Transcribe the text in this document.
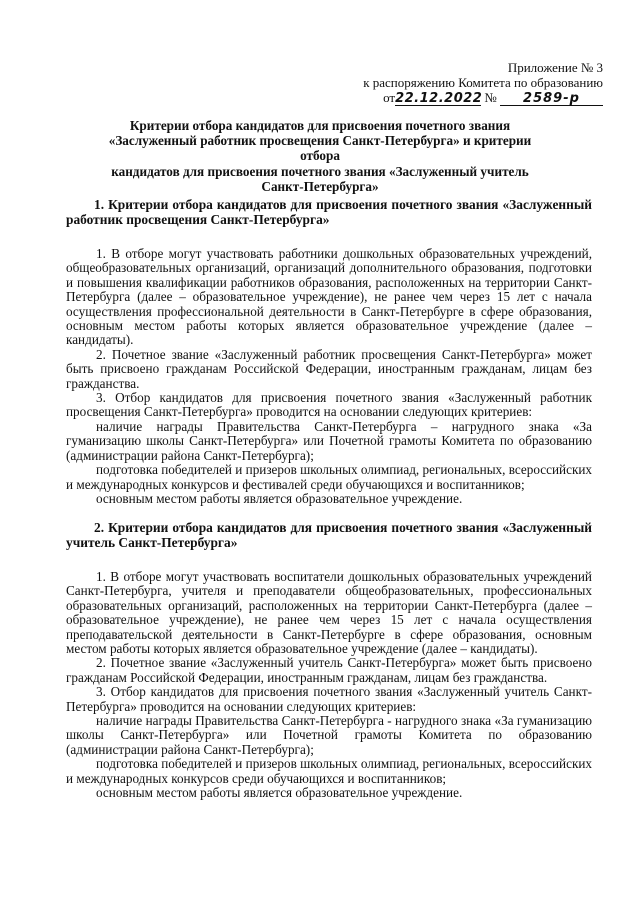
Приложение № 3
к распоряжению Комитета по образованию
от22.12.2022 № 2589-р
Критерии отбора кандидатов для присвоения почетного звания
«Заслуженный работник просвещения Санкт-Петербурга» и критерии отбора
кандидатов для присвоения почетного звания «Заслуженный учитель
Санкт-Петербурга»
1. Критерии отбора кандидатов для присвоения почетного звания «Заслуженный работник просвещения Санкт-Петербурга»

1. В отборе могут участвовать работники дошкольных образовательных учреждений, общеобразовательных организаций, организаций дополнительного образования, подготовки и повышения квалификации работников образования, расположенных на территории Санкт-Петербурга (далее – образовательное учреждение), не ранее чем через 15 лет с начала осуществления профессиональной деятельности в Санкт-Петербурге в сфере образования, основным местом работы которых является образовательное учреждение (далее – кандидаты).

2. Почетное звание «Заслуженный работник просвещения Санкт-Петербурга» может быть присвоено гражданам Российской Федерации, иностранным гражданам, лицам без гражданства.

3. Отбор кандидатов для присвоения почетного звания «Заслуженный работник просвещения Санкт-Петербурга» проводится на основании следующих критериев:

наличие награды Правительства Санкт-Петербурга – нагрудного знака «За гуманизацию школы Санкт-Петербурга» или Почетной грамоты Комитета по образованию (администрации района Санкт-Петербурга);

подготовка победителей и призеров школьных олимпиад, региональных, всероссийских и международных конкурсов и фестивалей среди обучающихся и воспитанников;

основным местом работы является образовательное учреждение.

2. Критерии отбора кандидатов для присвоения почетного звания «Заслуженный учитель Санкт-Петербурга»

1. В отборе могут участвовать воспитатели дошкольных образовательных учреждений Санкт-Петербурга, учителя и преподаватели общеобразовательных, профессиональных образовательных организаций, расположенных на территории Санкт-Петербурга (далее – образовательное учреждение), не ранее чем через 15 лет с начала осуществления преподавательской деятельности в Санкт-Петербурге в сфере образования, основным местом работы которых является образовательное учреждение (далее – кандидаты).

2. Почетное звание «Заслуженный учитель Санкт-Петербурга» может быть присвоено гражданам Российской Федерации, иностранным гражданам, лицам без гражданства.

3. Отбор кандидатов для присвоения почетного звания «Заслуженный учитель Санкт-Петербурга» проводится на основании следующих критериев:

наличие награды Правительства Санкт-Петербурга - нагрудного знака «За гуманизацию школы Санкт-Петербурга» или Почетной грамоты Комитета по образованию (администрации района Санкт-Петербурга);

подготовка победителей и призеров школьных олимпиад, региональных, всероссийских и международных конкурсов среди обучающихся и воспитанников;

основным местом работы является образовательное учреждение.
